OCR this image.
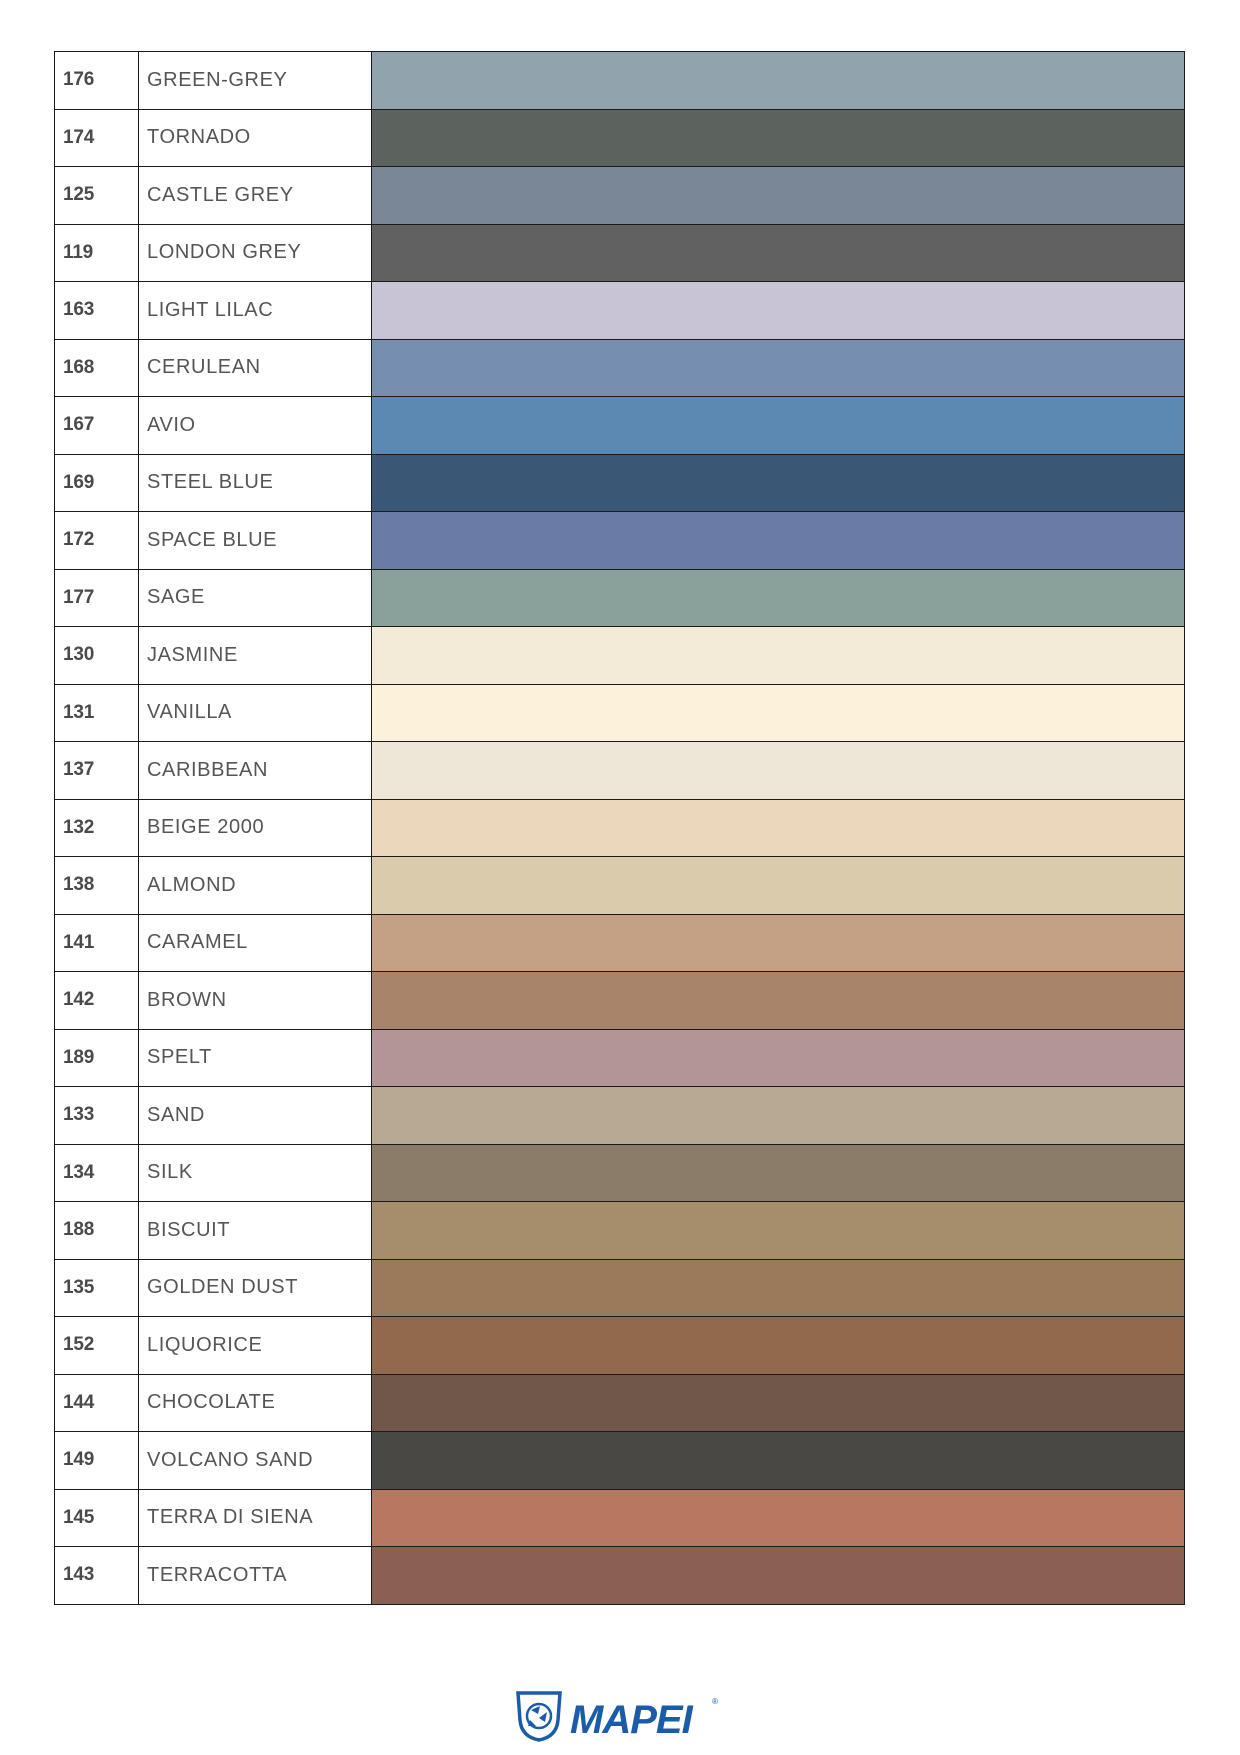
176	GREEN-GREY	
174	TORNADO	
125	CASTLE GREY	
119	LONDON GREY	
163	LIGHT LILAC	
168	CERULEAN	
167	AVIO	
169	STEEL BLUE	
172	SPACE BLUE	
177	SAGE	
130	JASMINE	
131	VANILLA	
137	CARIBBEAN	
132	BEIGE 2000	
138	ALMOND	
141	CARAMEL	
142	BROWN	
189	SPELT	
133	SAND	
134	SILK	
188	BISCUIT	
135	GOLDEN DUST	
152	LIQUORICE	
144	CHOCOLATE	
149	VOLCANO SAND	
145	TERRA DI SIENA	
143	TERRACOTTA	
MAPEI	®
